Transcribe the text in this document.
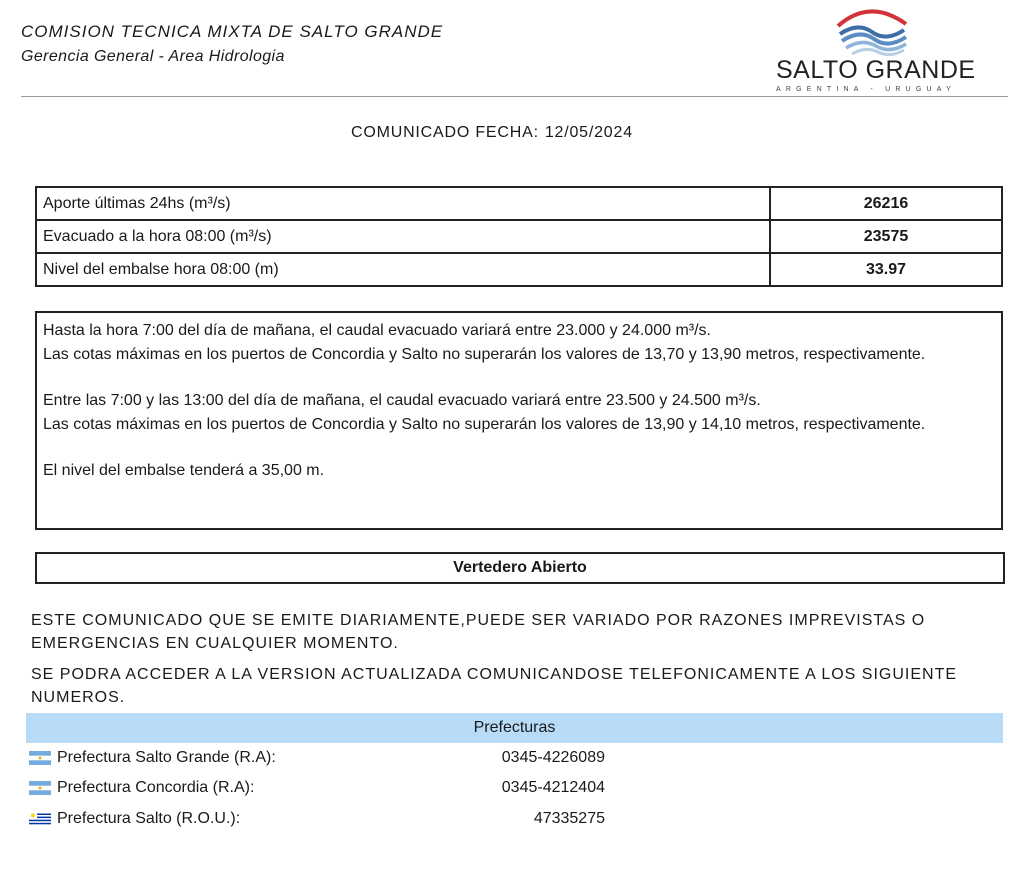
COMISION TECNICA MIXTA DE SALTO GRANDE
Gerencia General - Area Hidrologia	SALTO GRANDE
ARGENTINA - URUGUAY
COMUNICADO FECHA: 12/05/2024
Aporte últimas 24hs (m³/s)	26216
Evacuado a la hora 08:00 (m³/s)	23575
Nivel del embalse hora 08:00 (m)	33.97

Hasta la hora 7:00 del día de mañana, el caudal evacuado variará entre 23.000 y 24.000 m³/s.

Las cotas máximas en los puertos de Concordia y Salto no superarán los valores de 13,70 y 13,90 metros, respectivamente.

Entre las 7:00 y las 13:00 del día de mañana, el caudal evacuado variará entre 23.500 y 24.500 m³/s.

Las cotas máximas en los puertos de Concordia y Salto no superarán los valores de 13,90 y 14,10 metros, respectivamente.

El nivel del embalse tenderá a 35,00 m.

Vertedero Abierto
ESTE COMUNICADO QUE SE EMITE DIARIAMENTE,PUEDE SER VARIADO POR RAZONES IMPREVISTAS O EMERGENCIAS EN CUALQUIER MOMENTO.
SE PODRA ACCEDER A LA VERSION ACTUALIZADA COMUNICANDOSE TELEFONICAMENTE A LOS SIGUIENTE NUMEROS.
Prefecturas
Prefectura Salto Grande (R.A):	0345-4226089
Prefectura Concordia (R.A):	0345-4212404
Prefectura Salto (R.O.U.):	47335275
